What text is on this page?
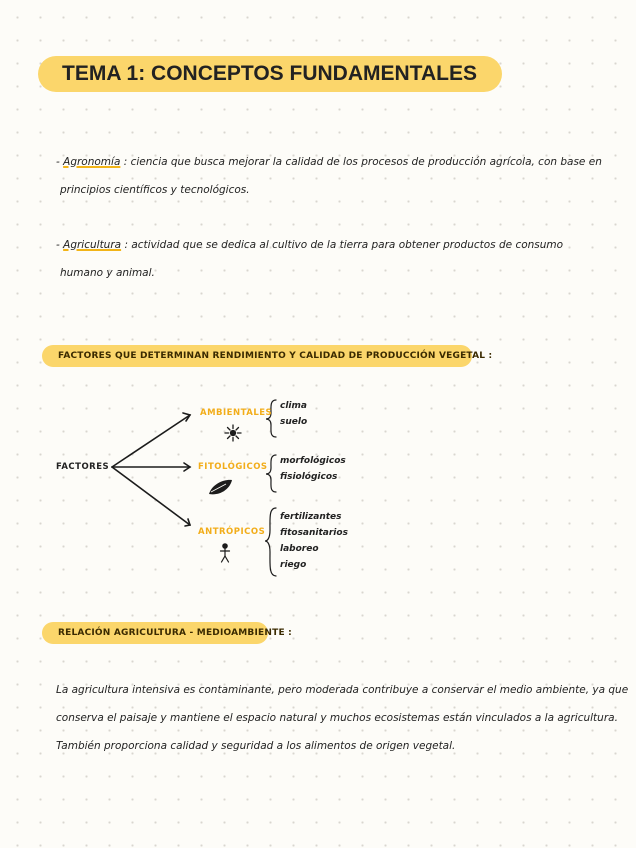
TEMA 1: CONCEPTOS FUNDAMENTALES
- Agronomía : ciencia que busca mejorar la calidad de los procesos de producción agrícola, con base en
principios científicos y tecnológicos.
- Agricultura : actividad que se dedica al cultivo de la tierra para obtener productos de consumo
humano y animal.
FACTORES QUE DETERMINAN RENDIMIENTO Y CALIDAD DE PRODUCCIÓN VEGETAL :
FACTORES
AMBIENTALES
FITOLÓGICOS
ANTRÓPICOS
clima
suelo
morfológicos
fisiológicos
fertilizantes
fitosanitarios
laboreo
riego
RELACIÓN AGRICULTURA - MEDIOAMBIENTE :
La agricultura intensiva es contaminante, pero moderada contribuye a conservar el medio ambiente, ya que
conserva el paisaje y mantiene el espacio natural y muchos ecosistemas están vinculados a la agricultura.
También proporciona calidad y seguridad a los alimentos de origen vegetal.
